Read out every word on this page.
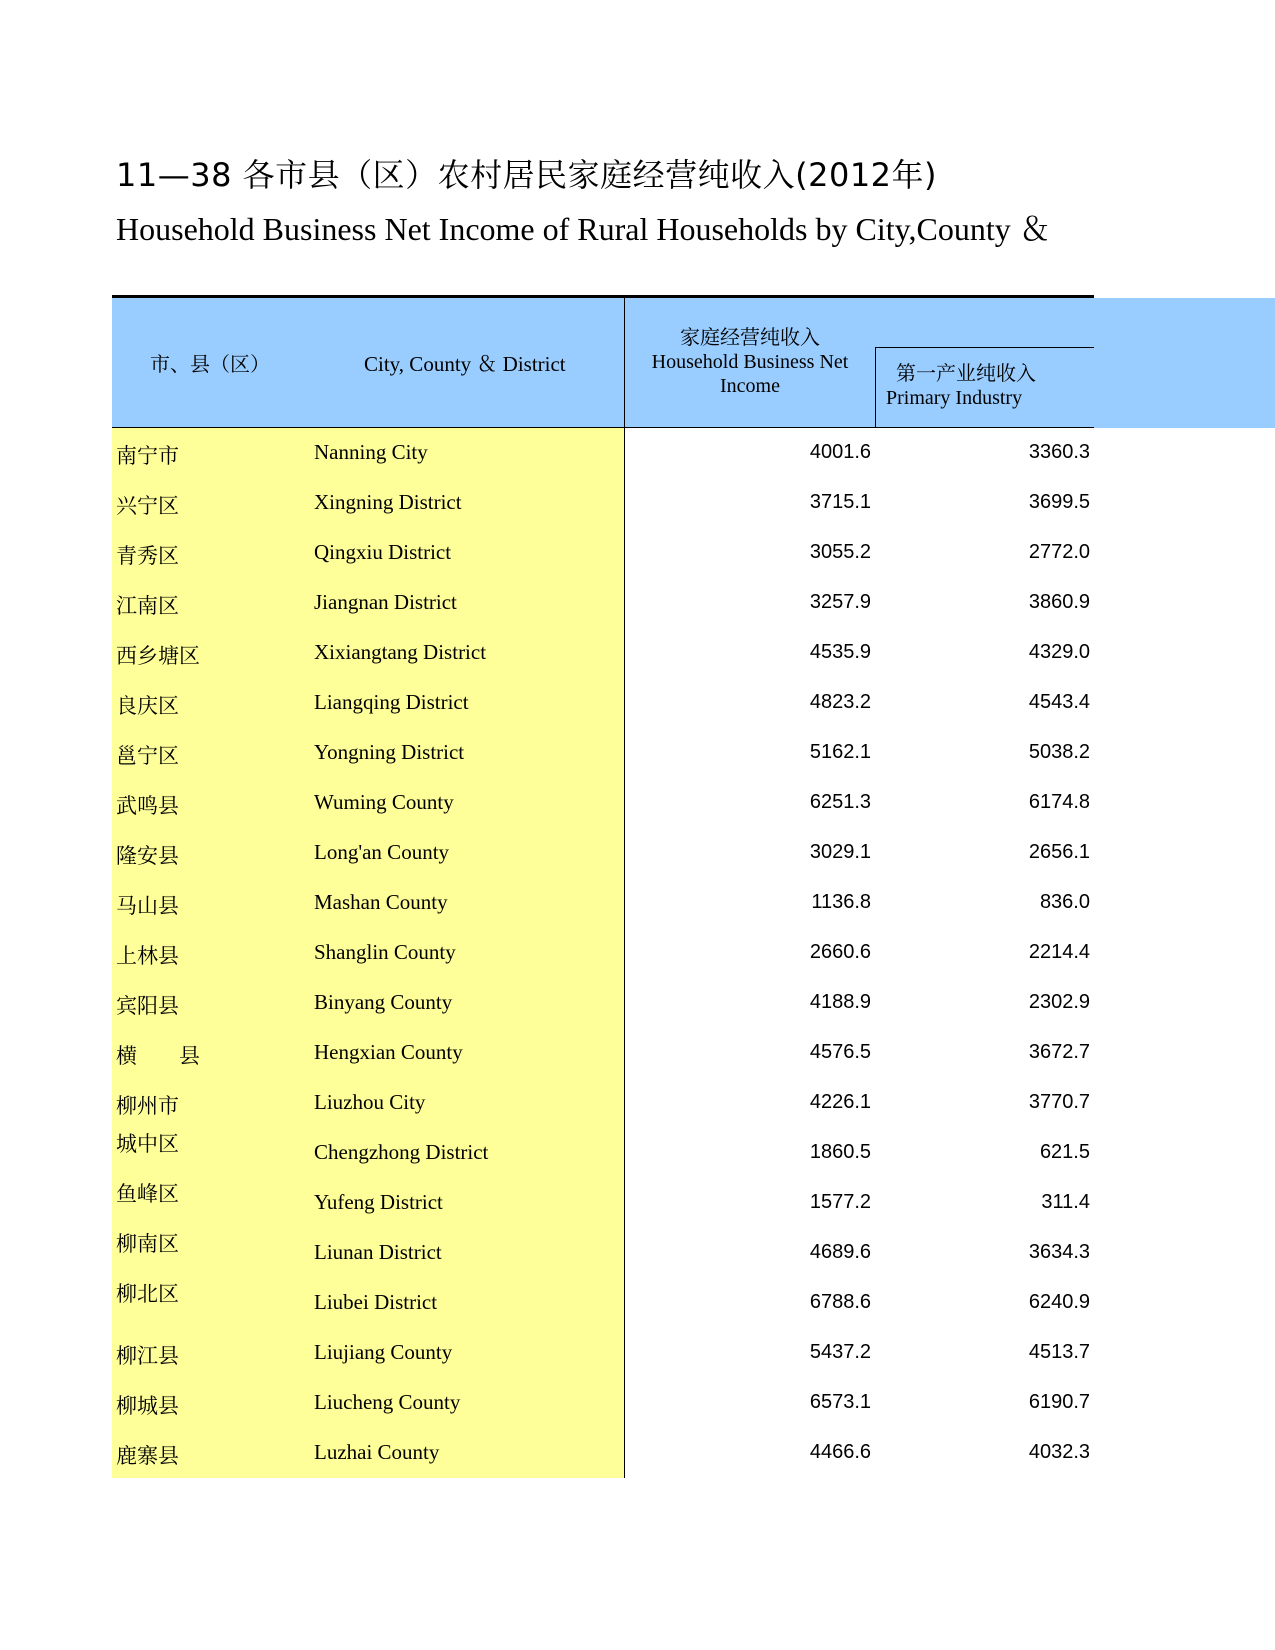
11—38 各市县（区）农村居民家庭经营纯收入(2012年)
Household Business Net Income of Rural Households by City,County ＆
市、县（区）	City, County ＆ District
家庭经营纯收入
Household Business Net Income
第一产业纯收入
Primary Industry
南宁市	Nanning City	4001.6	3360.3
兴宁区	Xingning District	3715.1	3699.5
青秀区	Qingxiu District	3055.2	2772.0
江南区	Jiangnan District	3257.9	3860.9
西乡塘区	Xixiangtang District	4535.9	4329.0
良庆区	Liangqing District	4823.2	4543.4
邕宁区	Yongning District	5162.1	5038.2
武鸣县	Wuming County	6251.3	6174.8
隆安县	Long'an County	3029.1	2656.1
马山县	Mashan County	1136.8	836.0
上林县	Shanglin County	2660.6	2214.4
宾阳县	Binyang County	4188.9	2302.9
横　　县	Hengxian County	4576.5	3672.7
柳州市	Liuzhou City	4226.1	3770.7
城中区	Chengzhong District	1860.5	621.5
鱼峰区	Yufeng District	1577.2	311.4
柳南区	Liunan District	4689.6	3634.3
柳北区	Liubei District	6788.6	6240.9
柳江县	Liujiang County	5437.2	4513.7
柳城县	Liucheng County	6573.1	6190.7
鹿寨县	Luzhai County	4466.6	4032.3
